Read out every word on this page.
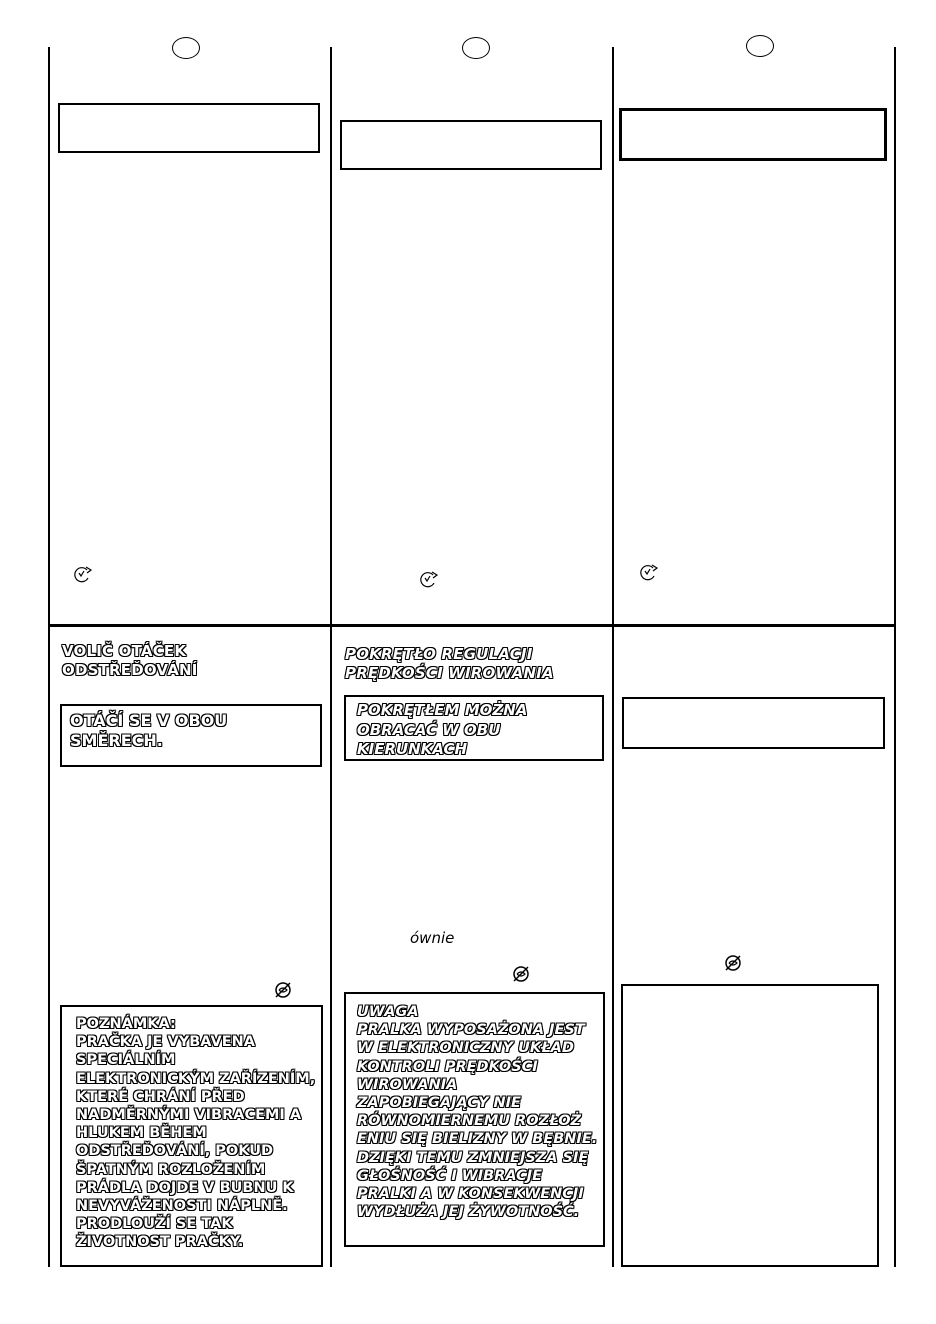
VOLIČ OTÁČEK
ODSTŘEĎOVÁNÍ
OTÁČÍ SE V OBOU
SMĚRECH.
POZNÁMKA:
PRAČKA JE VYBAVENA
SPECIÁLNÍM
ELEKTRONICKÝM ZAŘÍZENÍM,
KTERÉ CHRÁNÍ PŘED
NADMĚRNÝMI VIBRACEMI A
HLUKEM BĚHEM
ODSTŘEĎOVÁNÍ, POKUD
ŠPATNÝM ROZLOŽENÍM
PRÁDLA DOJDE V BUBNU K
NEVYVÁŽENOSTI NÁPLNĚ.
PRODLOUŽÍ SE TAK
ŽIVOTNOST PRAČKY.
POKRĘTŁO REGULACJI
PRĘDKOŚCI WIROWANIA
POKRĘTŁEM MOŻNA
OBRACAĆ W OBU
KIERUNKACH
ównie
UWAGA
PRALKA WYPOSAŻONA JEST
W ELEKTRONICZNY UKŁAD
KONTROLI PRĘDKOŚCI
WIROWANIA
ZAPOBIEGAJĄCY NIE
RÓWNOMIERNEMU ROZŁOŻ
ENIU SIĘ BIELIZNY W BĘBNIE.
DZIĘKI TEMU ZMNIEJSZA SIĘ
GŁOŚNOŚĆ I WIBRACJE
PRALKI A W KONSEKWENCJI
WYDŁUŻA JEJ ŻYWOTNOŚĆ.
